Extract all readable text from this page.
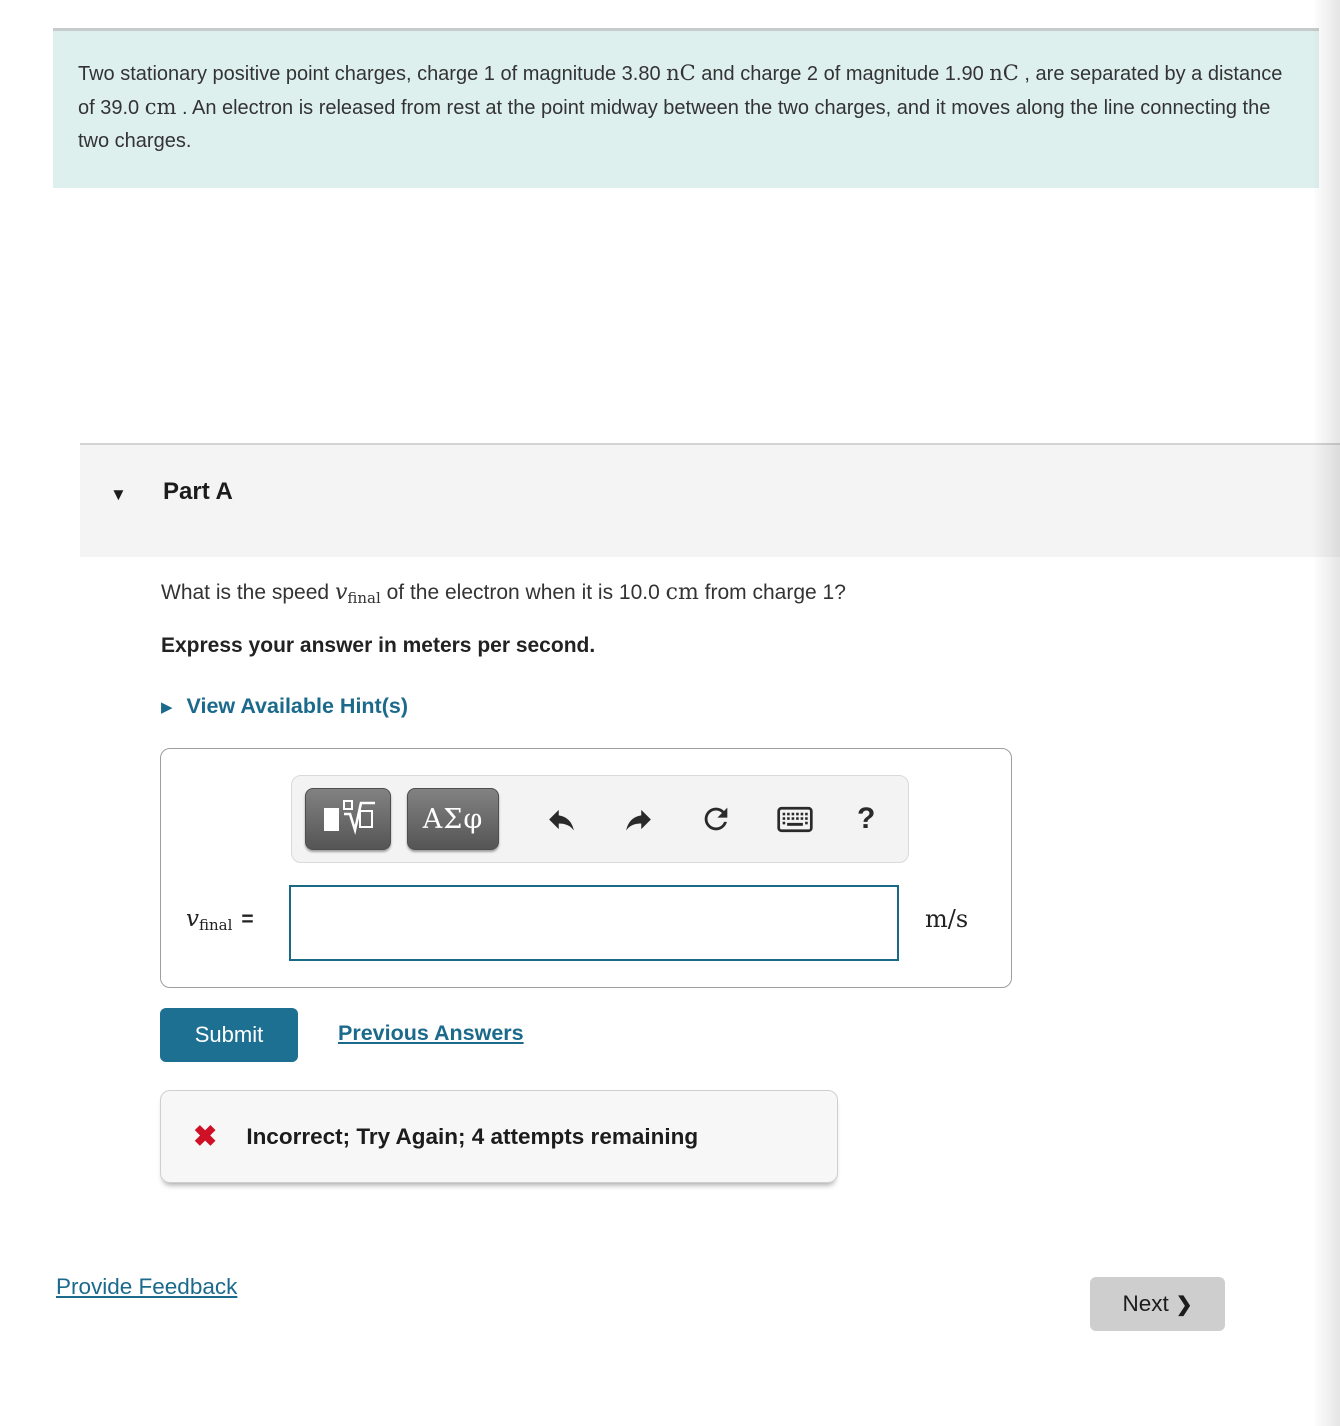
Two stationary positive point charges, charge 1 of magnitude 3.80 nC and charge 2 of magnitude 1.90 nC , are separated by a distance of 39.0 cm . An electron is released from rest at the point midway between the two charges, and it moves along the line connecting the two charges.
▼ Part A
What is the speed vfinal of the electron when it is 10.0 cm from charge 1?
Express your answer in meters per second.
▶ View Available Hint(s)
ΑΣφ	?
vfinal =	m/s
Submit	Previous Answers
✖ Incorrect; Try Again; 4 attempts remaining
Provide Feedback
Next ❯
